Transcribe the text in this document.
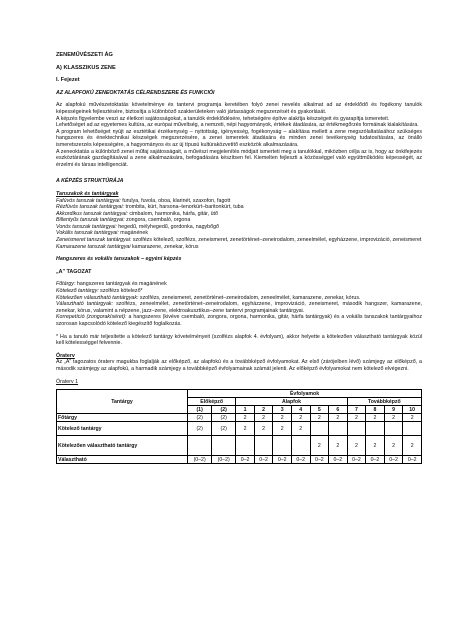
ZENEMŰVÉSZETI ÁG
A) KLASSZIKUS ZENE
I. Fejezet
AZ ALAPFOKÚ ZENEOKTATÁS CÉLRENDSZERE ÉS FUNKCIÓI

Az alapfokú művészetoktatás követelménye és tantervi programja keretében folyó zenei nevelés alkalmat ad az érdeklődő és fogékony tanulók képességeinek fejlesztésére, biztosítja a különböző szakterületeken való jártasságok megszerzését és gyakorlását.

A képzés figyelembe veszi az életkori sajátosságokat, a tanulók érdeklődésére, tehetségére építve alakítja készségeit és gyarapítja ismereteit.

Lehetőséget ad az egyetemes kultúra, az európai műveltség, a nemzeti, népi hagyományok, értékek átadására, az értékmegőrzés formáinak kialakítására.

A program lehetőséget nyújt az esztétikai érzékenység – nyitottság, igényesség, fogékonyság – alakítása mellett a zene megszólaltatásához szükséges hangszeres és énektechnikai készségek megszerzésére, a zenei ismeretek átadására és minden zenei tevékenység tudatosítására, az önálló ismeretszerzés képességére, a hagyományos és az új típusú kultúraközvetítő eszközök alkalmazására.

A zeneoktatás a különböző zenei műfaj sajátosságait, a művészi megjelenítés módjait ismerteti meg a tanulókkal, miközben célja az is, hogy az önkifejezés eszköztárának gazdagításával a zene alkalmazására, befogadására készítsen fel. Kiemelten fejleszti a közösséggel való együttműködés képességét, az érzelmi és társas intelligenciát.

A KÉPZÉS STRUKTÚRÁJA
Tanszakok és tantárgyak

Fafúvós tanszak tantárgyai: furulya, fuvola, oboa, klarinét, szaxofon, fagott

Rézfúvós tanszak tantárgyai: trombita, kürt, harsona–tenorkürt–baritonkürt, tuba

Akkordikus tanszak tantárgyai: cimbalom, harmonika, hárfa, gitár, ütő

Billentyűs tanszak tantárgyai: zongora, csembaló, orgona

Vonós tanszak tantárgyai: hegedű, mélyhegedű, gordonka, nagybőgő

Vokális tanszak tantárgyai: magánének

Zeneismeret tanszak tantárgyai: szolfézs kötelező, szolfézs, zeneismeret, zenetörténet–zeneirodalom, zeneelmélet, egyházzene, improvizáció, zeneismeret

Kamarazene tanszak tantárgyai kamarazene, zenekar, kórus

Hangszeres és vokális tanszakok – egyéni képzés
„A” TAGOZAT

Főtárgy: hangszeres tantárgyak és magánének

Kötelező tantárgy: szolfézs kötelező*

Kötelezően választható tantárgyak: szolfézs, zeneismeret, zenetörténet–zeneirodalom, zeneelmélet, kamarazene, zenekar, kórus.

Választható tantárgyak: szolfézs, zeneelmélet, zenetörténet–zeneirodalom, egyházzene, improvizáció, zeneismeret, második hangszer, kamarazene, zenekar, kórus, valamint a népzene, jazz–zene, elektroakusztikus–zene tantervi programjainak tantárgyai.

Korrepetíció (zongorakíséret): a hangszeres (kivéve csembaló, zongora, orgona, harmonika, gitár, hárfa tantárgyak) és a vokális tanszakok tantárgyaihoz szorosan kapcsolódó kötelező kiegészítő foglalkozás.

* Ha a tanuló már teljesítette a kötelező tantárgy követelményeit (szolfézs alapfok 4. évfolyam), akkor helyette a kötelezően választható tantárgyak közül kell kötelességgel felvennie.

Óraterv

Az „A” tagozatos óraterv magukba foglalják az előképző, az alapfokú és a továbbképző évfolyamokat. Az első (zárójelben lévő) számjegy az előképző, a második számjegy az alapfokú, a harmadik számjegy a továbbképző évfolyamainak számát jelenti. Az előképző évfolyamokat nem kötelező elvégezni.

Óraterv 1
Tantárgy	Évfolyamok											
	Előképző		Alapfok						Továbbképző			
	(1)	(2)	1	2	3	4	5	6	7	8	9	10
Főtárgy	(2)	(2)	2	2	2	2	2	2	2	2	2	2
Kötelező tantárgy	(2)	(2)	2	2	2	2						
Kötelezően választható tantárgy							2	2	2	2	2	2
Választható	(0–2)	(0–2)	0–2	0–2	0–2	0–2	0–2	0–2	0–2	0–2	0–2	0–2
